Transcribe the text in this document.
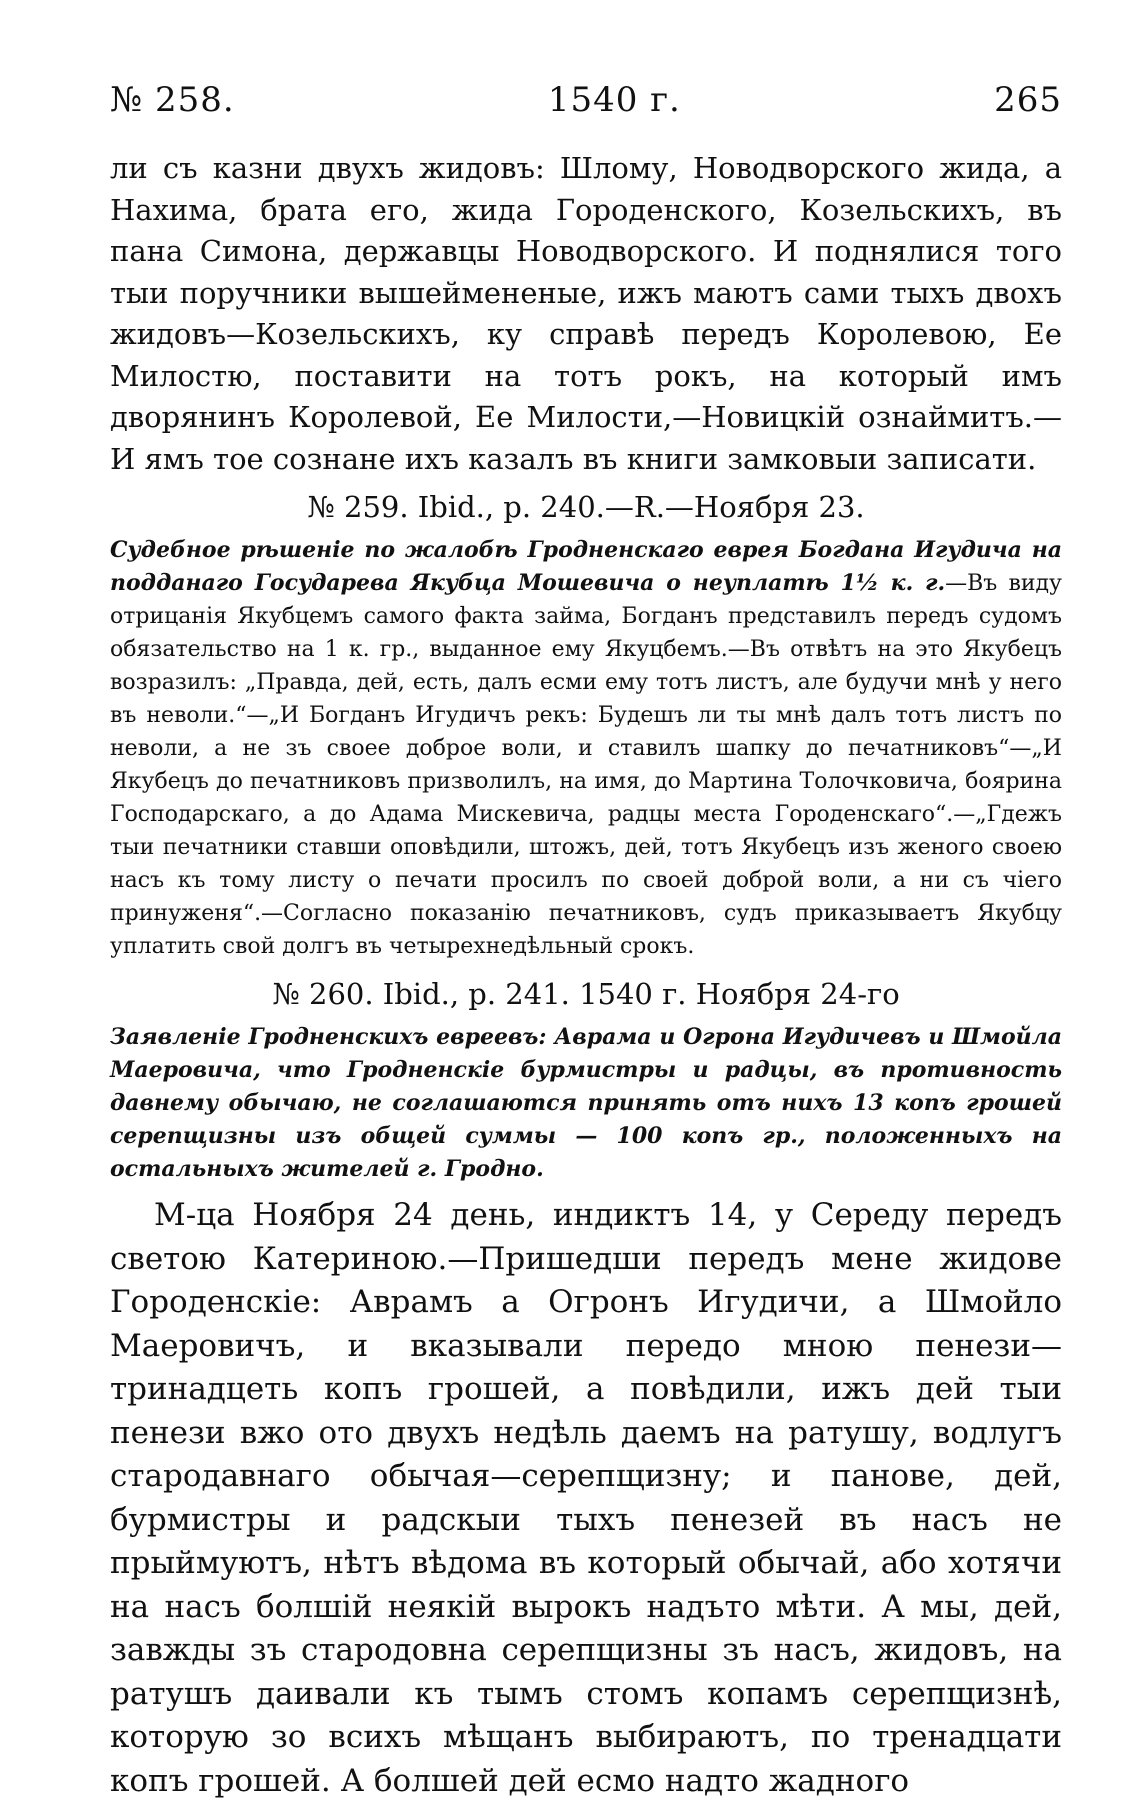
№ 258.	1540 г.	265

ли съ казни двухъ жидовъ: Шлому, Новодворского жида, а Нахима, брата его, жида Городенского, Козельскихъ, въ пана Симона, державцы Новодворского. И поднялися того тыи поручники вышеймененые, ижъ маютъ сами тыхъ двохъ жидовъ—Козельскихъ, ку справѣ передъ Королевою, Ее Милостю, поставити на тотъ рокъ, на который имъ дворянинъ Королевой, Ее Милости,—Новицкій ознаймитъ.—И ямъ тое сознане ихъ казалъ въ книги замковыи записати.

№ 259. Ibid., р. 240.—R.—Ноября 23.

Судебное рѣшеніе по жалобѣ Гродненскаго еврея Богдана Игудича на подданаго Государева Якубца Мошевича о неуплатѣ 1½ к. г.—Въ виду отрицанія Якубцемъ самого факта займа, Богданъ представилъ передъ судомъ обязательство на 1 к. гр., выданное ему Якуцбемъ.—Въ отвѣтъ на это Якубецъ возразилъ: „Правда, дей, есть, далъ есми ему тотъ листъ, але будучи мнѣ у него въ неволи.“—„И Богданъ Игудичъ рекъ: Будешъ ли ты мнѣ далъ тотъ листъ по неволи, а не зъ своее доброе воли, и ставилъ шапку до печатниковъ“—„И Якубецъ до печатниковъ призволилъ, на имя, до Мартина Толочковича, боярина Господарскаго, а до Адама Мискевича, радцы места Городенскаго“.—„Гдежъ тыи печатники ставши оповѣдили, штожъ, дей, тотъ Якубецъ изъ женого своею насъ къ тому листу о печати просилъ по своей доброй воли, а ни съ чіего принуженя“.—Согласно показанію печатниковъ, судъ приказываетъ Якубцу уплатить свой долгъ въ четырехнедѣльный срокъ.

№ 260. Ibid., р. 241. 1540 г. Ноября 24-го

Заявленіе Гродненскихъ евреевъ: Аврама и Огрона Игудичевъ и Шмойла Маеровича, что Гродненскіе бурмистры и радцы, въ противность давнему обычаю, не соглашаются принять отъ нихъ 13 копъ грошей серепщизны изъ общей суммы — 100 копъ гр., положенныхъ на остальныхъ жителей г. Гродно.

М-ца Ноября 24 день, индиктъ 14, у Середу передъ светою Катериною.—Пришедши передъ мене жидове Городенскіе: Аврамъ а Огронъ Игудичи, а Шмойло Маеровичъ, и вказывали передо мною пенези—тринадцеть копъ грошей, а повѣдили, ижъ дей тыи пенези вжо ото двухъ недѣль даемъ на ратушу, водлугъ стародавнаго обычая—серепщизну; и панове, дей, бурмистры и радскыи тыхъ пенезей въ насъ не прыймуютъ, нѣтъ вѣдома въ который обычай, або хотячи на насъ болшій неякій вырокъ надъто мѣти. А мы, дей, завжды зъ стародовна серепщизны зъ насъ, жидовъ, на ратушъ даивали къ тымъ стомъ копамъ серепщизнѣ, которую зо всихъ мѣщанъ выбираютъ, по тренадцати копъ грошей. А болшей дей есмо надто жадного
